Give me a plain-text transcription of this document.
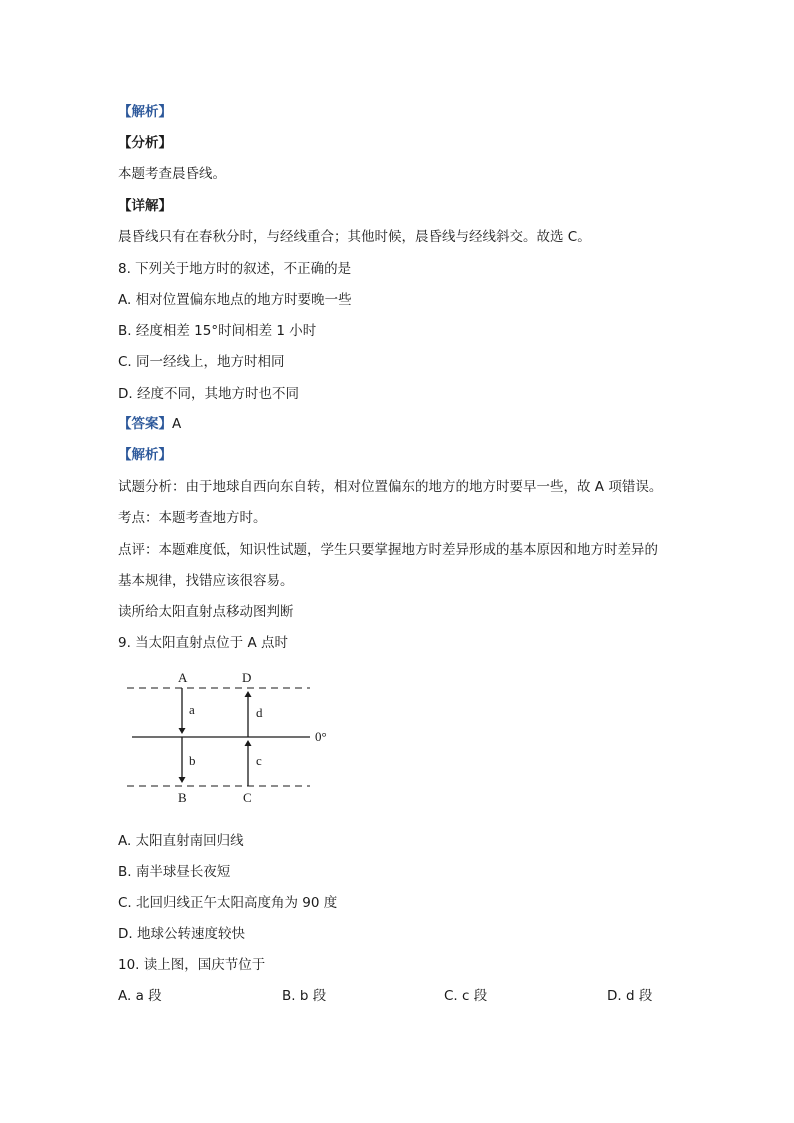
【解析】
【分析】
本题考查晨昏线。
【详解】
晨昏线只有在春秋分时，与经线重合；其他时候，晨昏线与经线斜交。故选 C。
8. 下列关于地方时的叙述，不正确的是
A. 相对位置偏东地点的地方时要晚一些
B. 经度相差 15°时间相差 1 小时
C. 同一经线上，地方时相同
D. 经度不同，其地方时也不同
【答案】A
【解析】
试题分析：由于地球自西向东自转，相对位置偏东的地方的地方时要早一些，故 A 项错误。
考点：本题考查地方时。
点评：本题难度低，知识性试题，学生只要掌握地方时差异形成的基本原因和地方时差异的
基本规律，找错应该很容易。
读所给太阳直射点移动图判断
9. 当太阳直射点位于 A 点时
A	D
B	C
a
b	c
d
0°
A. 太阳直射南回归线
B. 南半球昼长夜短
C. 北回归线正午太阳高度角为 90 度
D. 地球公转速度较快
10. 读上图，国庆节位于
A. a 段	B. b 段	C. c 段	D. d 段
